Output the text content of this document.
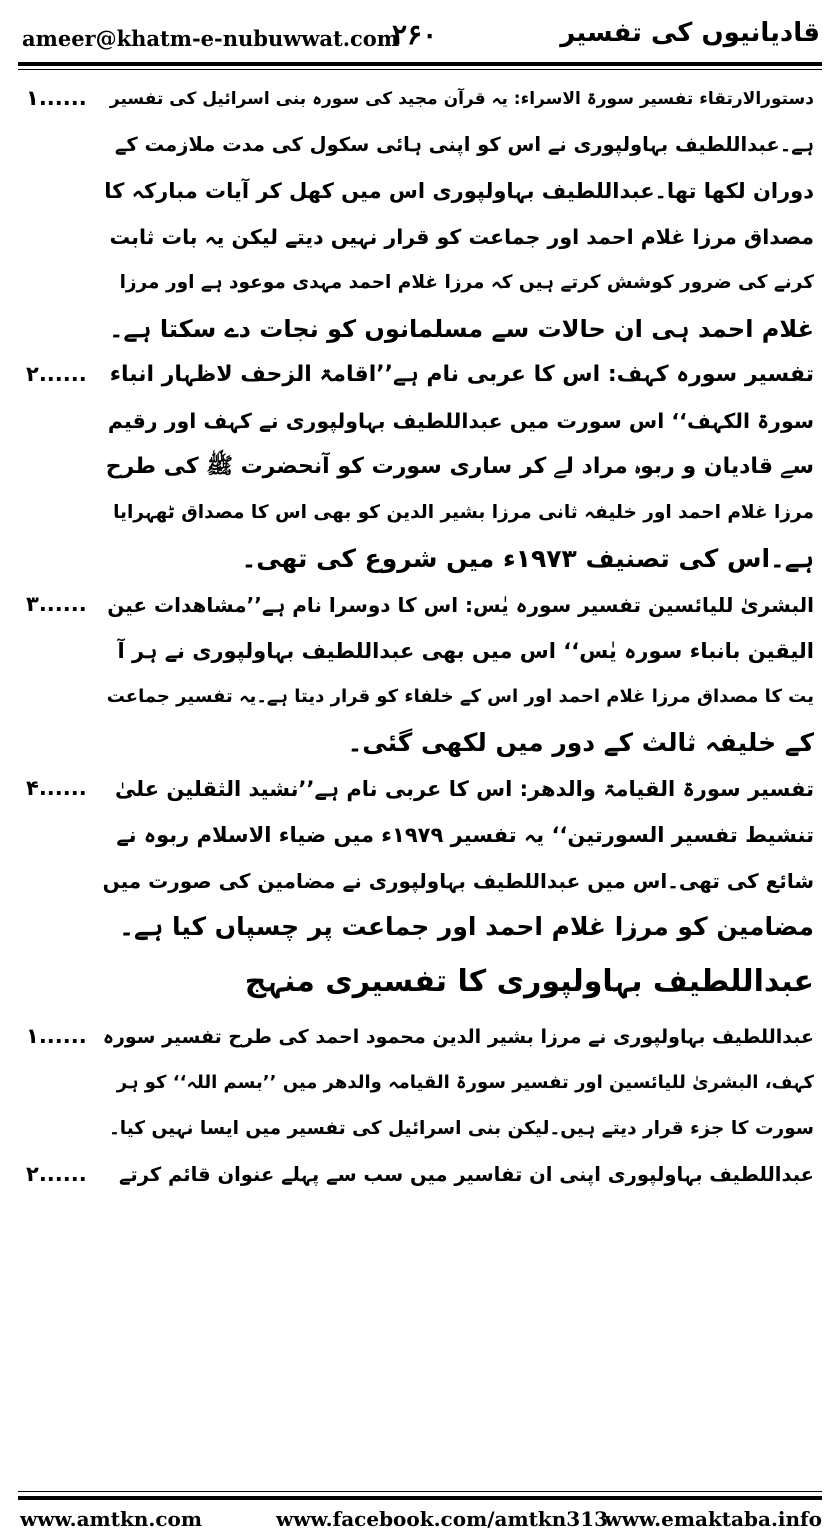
ameer@khatm-e-nubuwwat.com
۲۶۰	قادیانیوں کی تفسیر
۱......	دستورالارتقاء تفسیر سورۃ الاسراء: یہ قرآن مجید کی سورہ بنی اسرائیل کی تفسیر
ہے۔عبداللطیف بہاولپوری نے اس کو اپنی ہائی سکول کی مدت ملازمت کے
دوران لکھا تھا۔عبداللطیف بہاولپوری اس میں کھل کر آیات مبارکہ کا
مصداق مرزا غلام احمد اور جماعت کو قرار نہیں دیتے لیکن یہ بات ثابت
کرنے کی ضرور کوشش کرتے ہیں کہ مرزا غلام احمد مہدی موعود ہے اور مرزا
غلام احمد ہی ان حالات سے مسلمانوں کو نجات دے سکتا ہے۔
۲......	تفسیر سورہ کہف: اس کا عربی نام ہے’’اقامۃ الزحف لاظہار انباء
سورۃ الکہف‘‘ اس سورت میں عبداللطیف بہاولپوری نے کہف اور رقیم
سے قادیان و ربوہ مراد لے کر ساری سورت کو آنحضرت ﷺ کی طرح
مرزا غلام احمد اور خلیفہ ثانی مرزا بشیر الدین کو بھی اس کا مصداق ٹھہرایا
ہے۔اس کی تصنیف ۱۹۷۳ء میں شروع کی تھی۔
۳...... البشریٰ للیائسین تفسیر سورہ یٰس: اس کا دوسرا نام ہے’’مشاھدات عین
الیقین بانباء سورہ یٰس‘‘ اس میں بھی عبداللطیف بہاولپوری نے ہر آ
یت کا مصداق مرزا غلام احمد اور اس کے خلفاء کو قرار دیتا ہے۔یہ تفسیر جماعت
کے خلیفہ ثالث کے دور میں لکھی گئی۔
۴......	تفسیر سورۃ القیامۃ والدھر: اس کا عربی نام ہے’’نشید الثقلین علیٰ
تنشیط تفسیر السورتین‘‘ یہ تفسیر ۱۹۷۹ء میں ضیاء الاسلام ربوہ نے
شائع کی تھی۔اس میں عبداللطیف بہاولپوری نے مضامین کی صورت میں
مضامین کو مرزا غلام احمد اور جماعت پر چسپاں کیا ہے۔
عبداللطیف بہاولپوری کا تفسیری منہج
۱...... عبداللطیف بہاولپوری نے مرزا بشیر الدین محمود احمد کی طرح تفسیر سورہ
کہف، البشریٰ للیائسین اور تفسیر سورۃ القیامہ والدھر میں ’’بسم اللہ‘‘ کو ہر
سورت کا جزء قرار دیتے ہیں۔لیکن بنی اسرائیل کی تفسیر میں ایسا نہیں کیا۔
۲......	عبداللطیف بہاولپوری اپنی ان تفاسیر میں سب سے پہلے عنوان قائم کرتے
www.amtkn.com	www.facebook.com/amtkn313
www.emaktaba.info
